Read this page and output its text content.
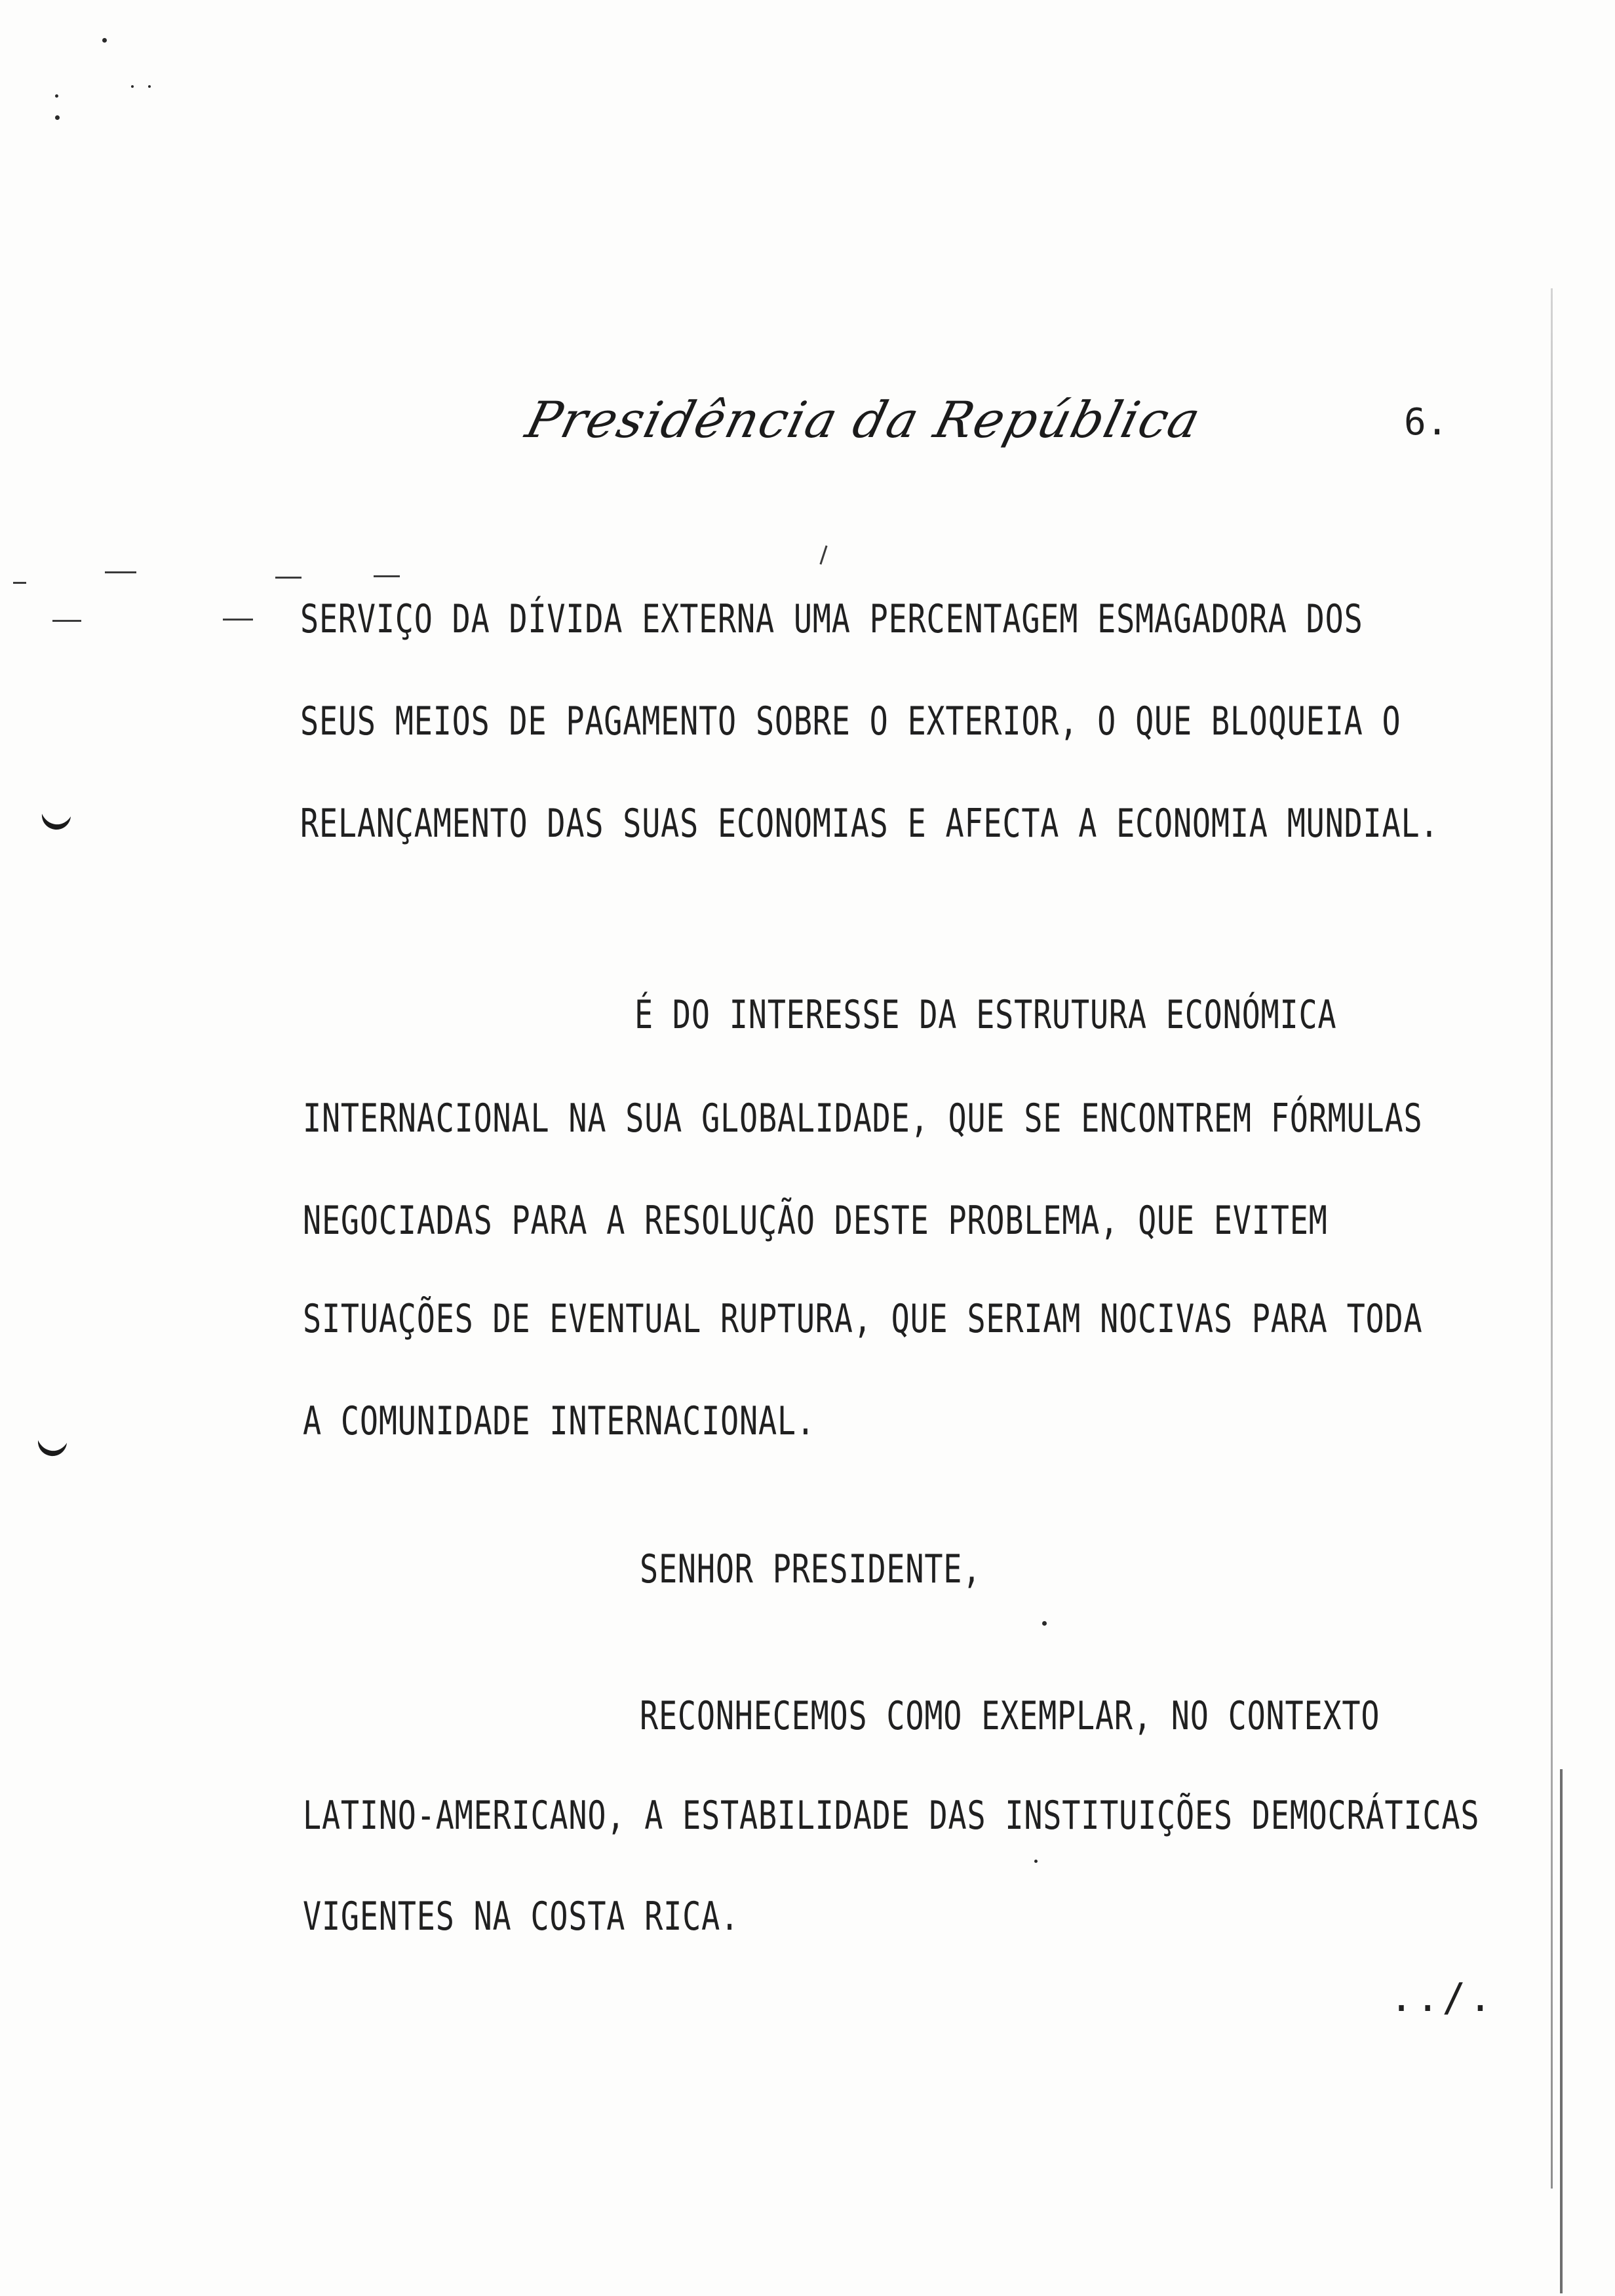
Presidência da República	6.
SERVIÇO DA DÍVIDA EXTERNA UMA PERCENTAGEM ESMAGADORA DOS
SEUS MEIOS DE PAGAMENTO SOBRE O EXTERIOR, O QUE BLOQUEIA O
RELANÇAMENTO DAS SUAS ECONOMIAS E AFECTA A ECONOMIA MUNDIAL.
É DO INTERESSE DA ESTRUTURA ECONÓMICA
INTERNACIONAL NA SUA GLOBALIDADE, QUE SE ENCONTREM FÓRMULAS
NEGOCIADAS PARA A RESOLUÇÃO DESTE PROBLEMA, QUE EVITEM
SITUAÇÕES DE EVENTUAL RUPTURA, QUE SERIAM NOCIVAS PARA TODA
A COMUNIDADE INTERNACIONAL.
SENHOR PRESIDENTE,
RECONHECEMOS COMO EXEMPLAR, NO CONTEXTO
LATINO-AMERICANO, A ESTABILIDADE DAS INSTITUIÇÕES DEMOCRÁTICAS
VIGENTES NA COSTA RICA.
../.
